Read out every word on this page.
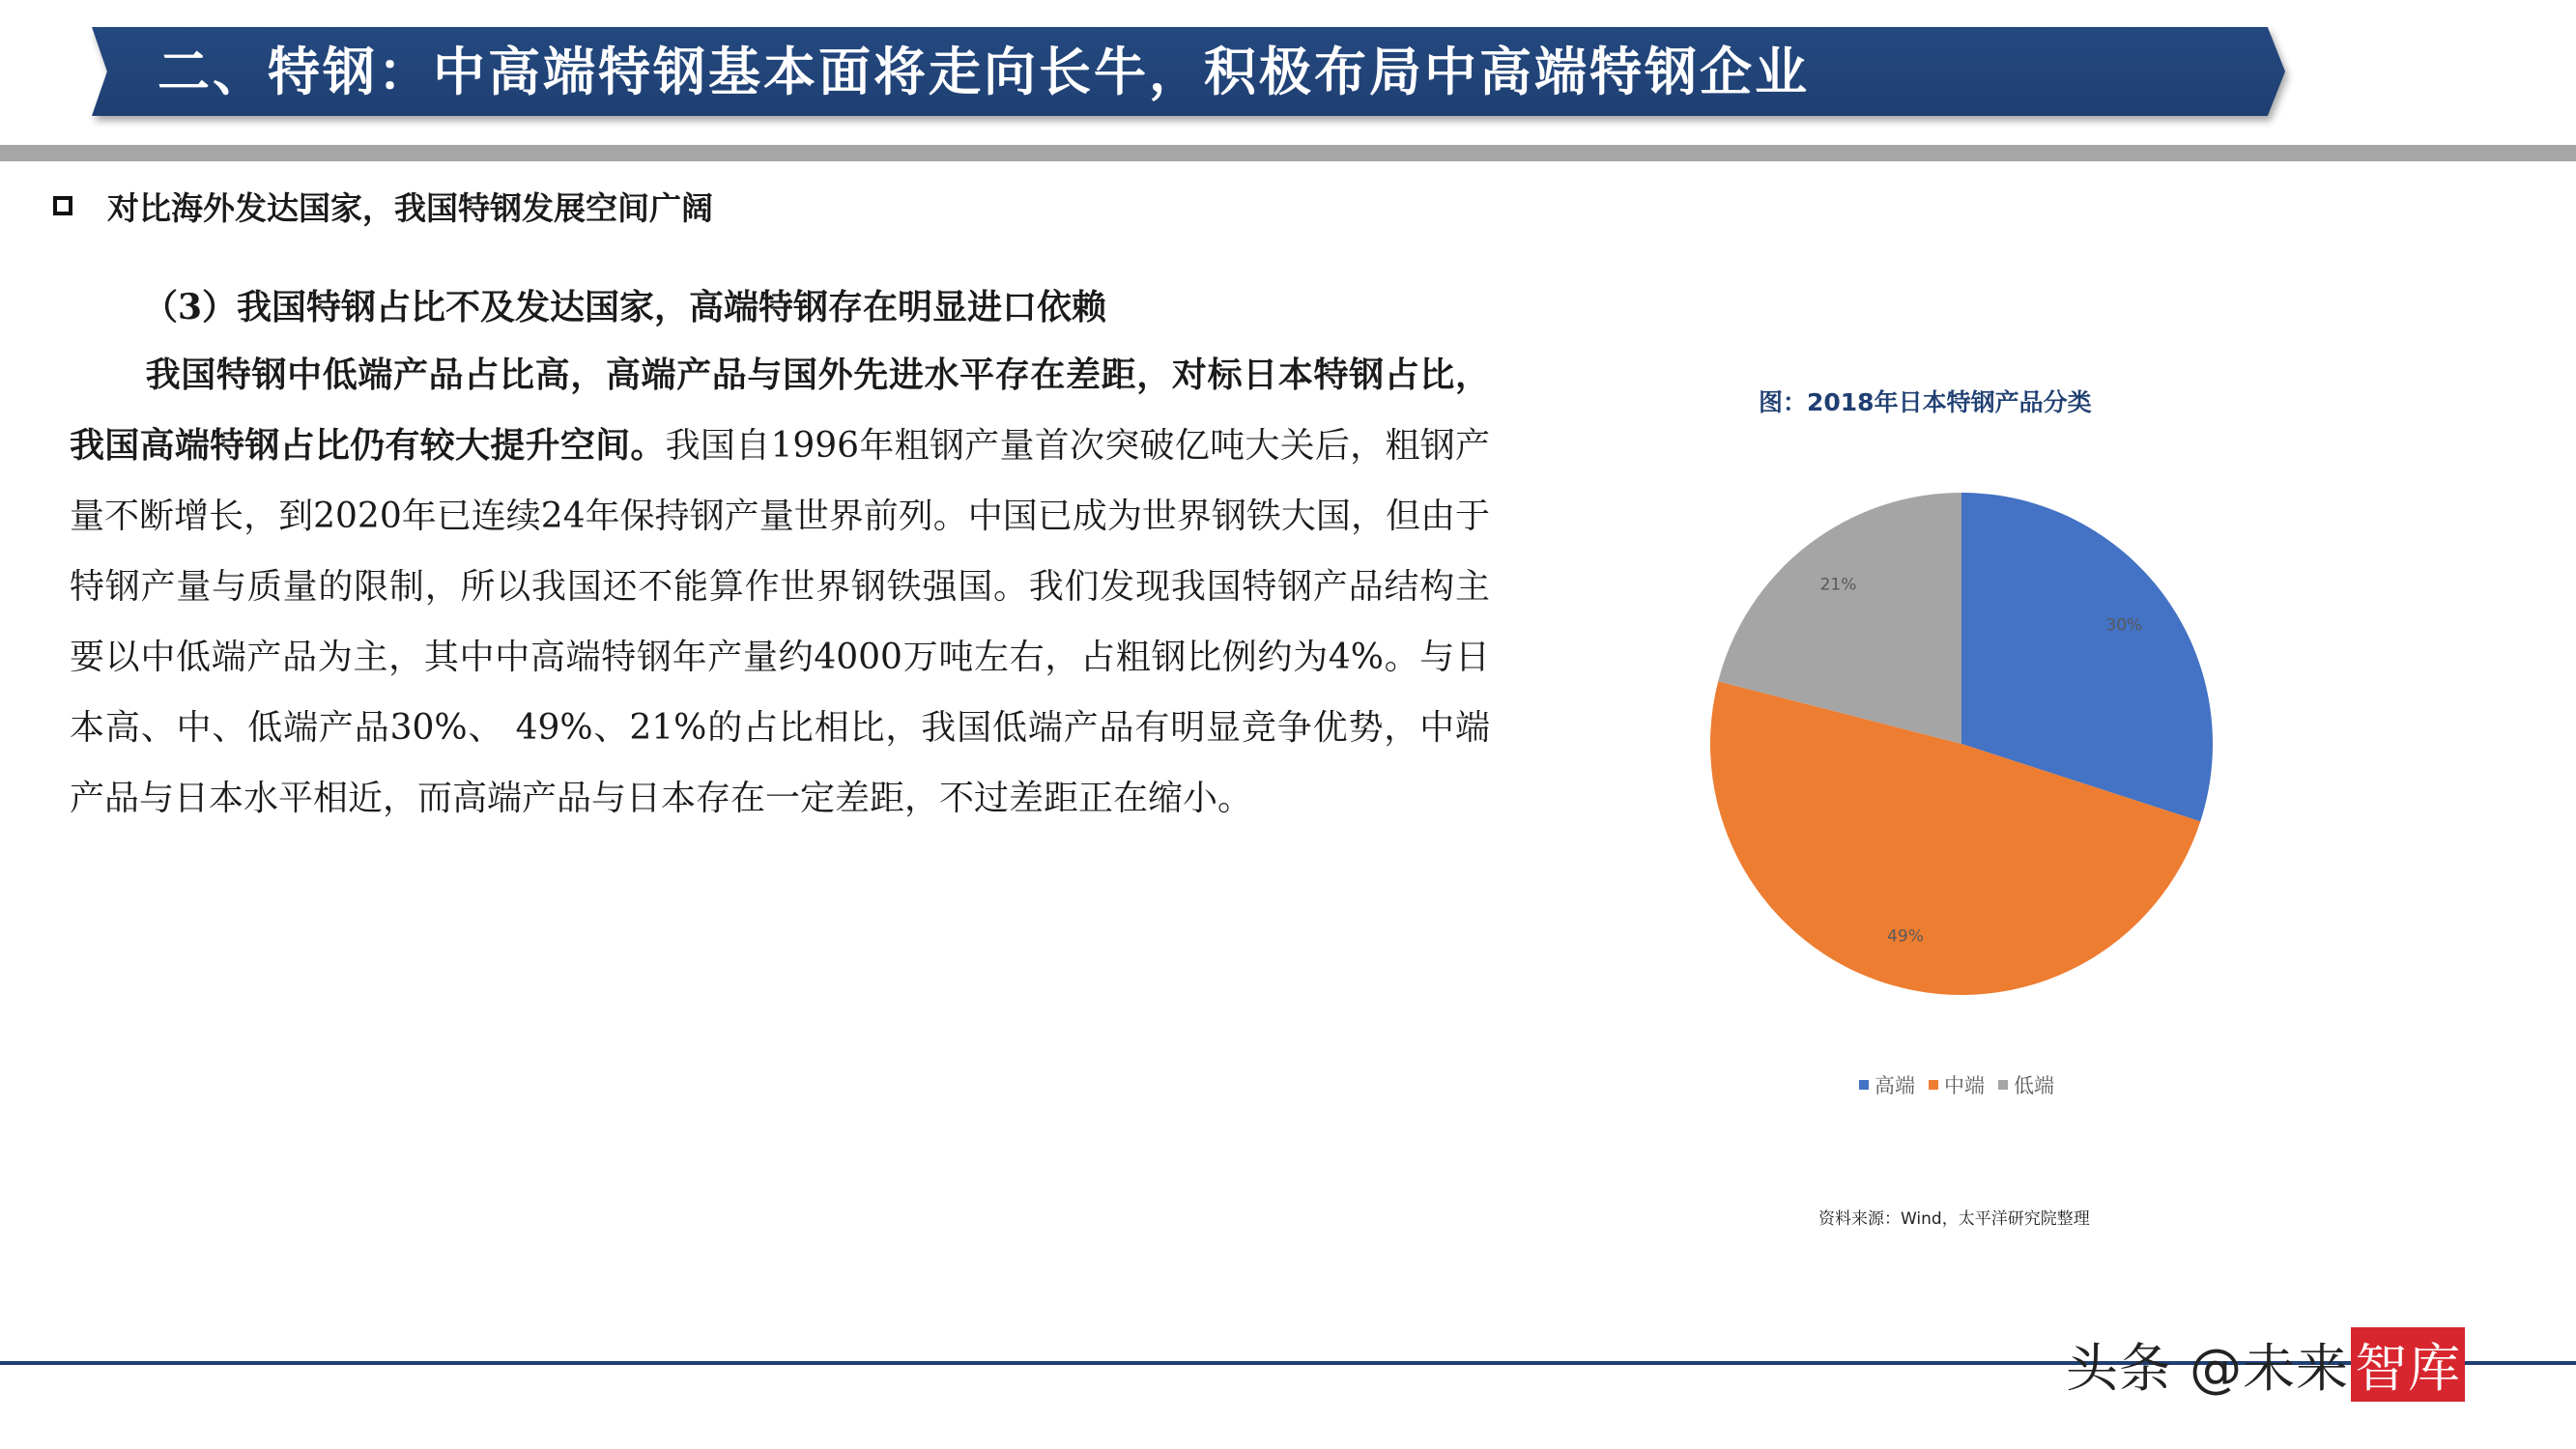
二、特钢：中高端特钢基本面将走向长牛，积极布局中高端特钢企业
对比海外发达国家，我国特钢发展空间广阔
（3）我国特钢占比不及发达国家，高端特钢存在明显进口依赖

我国特钢中低端产品占比高，高端产品与国外先进水平存在差距，对标日本特钢占比，我国高端特钢占比仍有较大提升空间。我国自1996年粗钢产量首次突破亿吨大关后，粗钢产量不断增长，到2020年已连续24年保持钢产量世界前列。中国已成为世界钢铁大国，但由于特钢产量与质量的限制，所以我国还不能算作世界钢铁强国。我们发现我国特钢产品结构主要以中低端产品为主，其中中高端特钢年产量约4000万吨左右，占粗钢比例约为4%。与日本高、中、低端产品30%、 49%、21%的占比相比，我国低端产品有明显竞争优势，中端产品与日本水平相近，而高端产品与日本存在一定差距，不过差距正在缩小。

图：2018年日本特钢产品分类
30%
49%
21%
高端 中端 低端
资料来源：Wind，太平洋研究院整理
头条 @未来 智库
